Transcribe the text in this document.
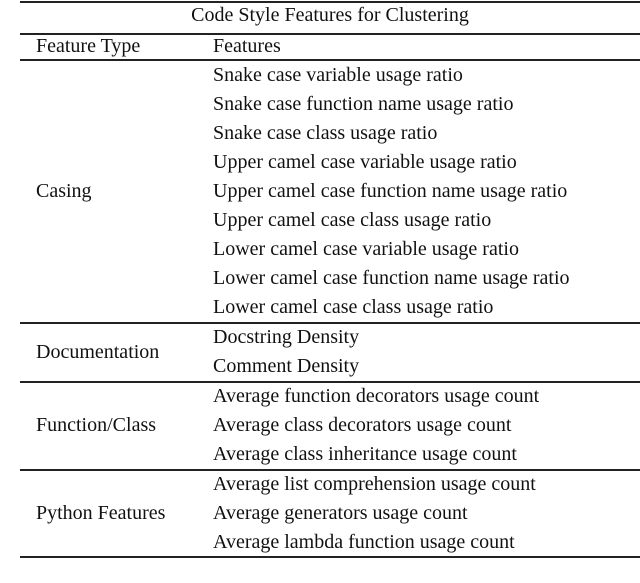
Code Style Features for Clustering
Feature Type	Features
Casing
Snake case variable usage ratio
Snake case function name usage ratio
Snake case class usage ratio
Upper camel case variable usage ratio
Upper camel case function name usage ratio
Upper camel case class usage ratio
Lower camel case variable usage ratio
Lower camel case function name usage ratio
Lower camel case class usage ratio
Documentation
Docstring Density
Comment Density
Function/Class
Average function decorators usage count
Average class decorators usage count
Average class inheritance usage count
Python Features
Average list comprehension usage count
Average generators usage count
Average lambda function usage count
